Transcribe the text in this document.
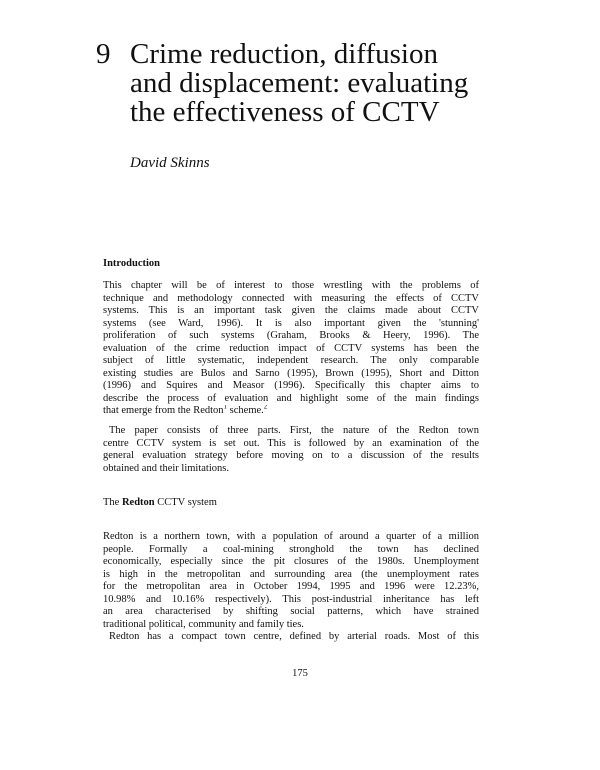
9 Crime reduction, diffusion
and displacement: evaluating
the effectiveness of CCTV

David Skinns

Introduction
This chapter will be of interest to those wrestling with the problems of
technique and methodology connected with measuring the effects of CCTV
systems. This is an important task given the claims made about CCTV
systems (see Ward, 1996). It is also important given the 'stunning'
proliferation of such systems (Graham, Brooks & Heery, 1996). The
evaluation of the crime reduction impact of CCTV systems has been the
subject of little systematic, independent research. The only comparable
existing studies are Bulos and Sarno (1995), Brown (1995), Short and Ditton
(1996) and Squires and Measor (1996). Specifically this chapter aims to
describe the process of evaluation and highlight some of the main findings
that emerge from the Redton$^1$ scheme.$^2$
The paper consists of three parts. First, the nature of the Redton town
centre CCTV system is set out. This is followed by an examination of the
general evaluation strategy before moving on to a discussion of the results
obtained and their limitations.
The Redton CCTV system
Redton is a northern town, with a population of around a quarter of a million
people. Formally a coal-mining stronghold the town has declined
economically, especially since the pit closures of the 1980s. Unemployment
is high in the metropolitan and surrounding area (the unemployment rates
for the metropolitan area in October 1994, 1995 and 1996 were 12.23%,
10.98% and 10.16% respectively). This post-industrial inheritance has left
an area characterised by shifting social patterns, which have strained
traditional political, community and family ties.
Redton has a compact town centre, defined by arterial roads. Most of this
175
